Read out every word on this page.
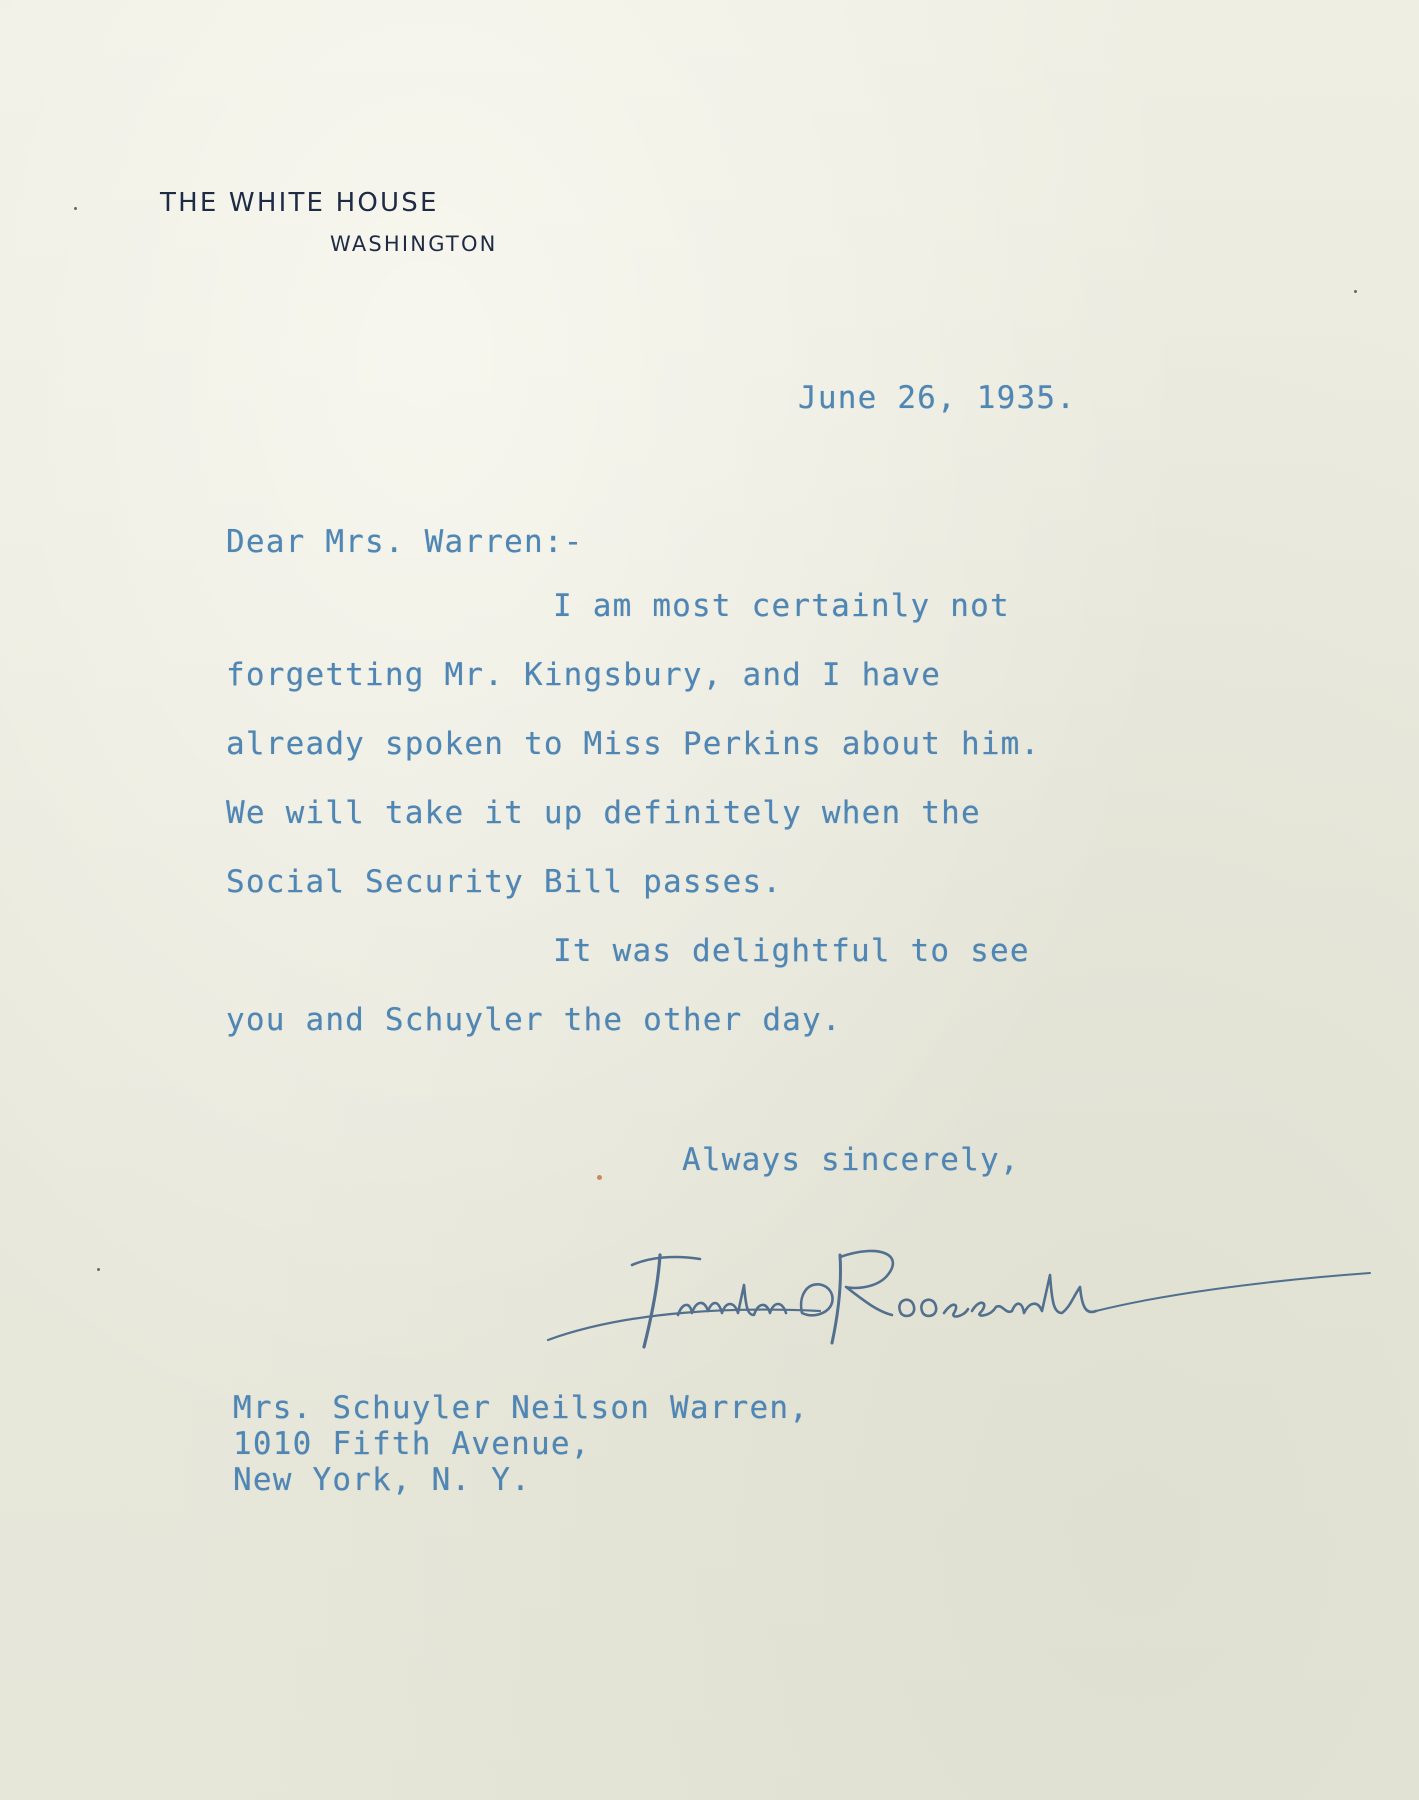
THE WHITE HOUSE
WASHINGTON
June 26, 1935.
Dear Mrs. Warren:-
I am most certainly not
forgetting Mr. Kingsbury, and I have
already spoken to Miss Perkins about him.
We will take it up definitely when the
Social Security Bill passes.
It was delightful to see
you and Schuyler the other day.
Always sincerely,
Mrs. Schuyler Neilson Warren,
1010 Fifth Avenue,
New York, N. Y.
